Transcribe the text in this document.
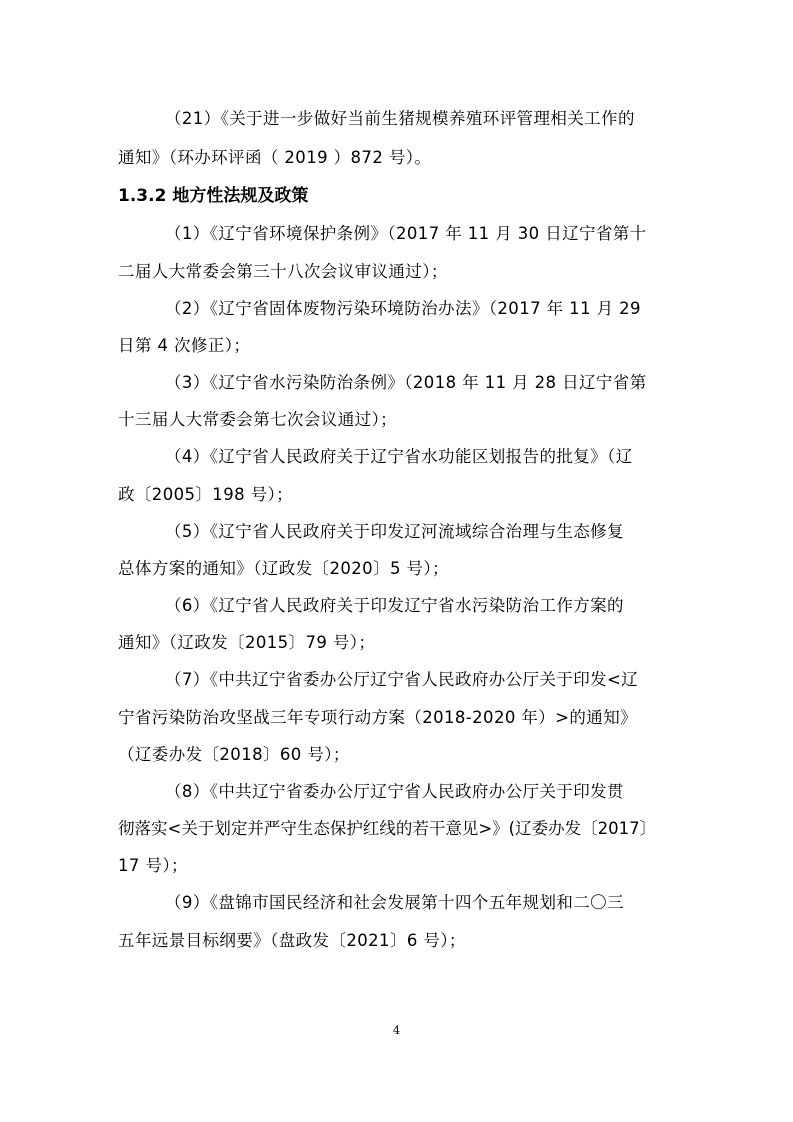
（21）《关于进一步做好当前生猪规模养殖环评管理相关工作的
通知》（环办环评函（ 2019 ）872 号）。
1.3.2 地方性法规及政策
（1）《辽宁省环境保护条例》（2017 年 11 月 30 日辽宁省第十
二届人大常委会第三十八次会议审议通过）；
（2）《辽宁省固体废物污染环境防治办法》（2017 年 11 月 29
日第 4 次修正）；
（3）《辽宁省水污染防治条例》（2018 年 11 月 28 日辽宁省第
十三届人大常委会第七次会议通过）；
（4）《辽宁省人民政府关于辽宁省水功能区划报告的批复》（辽
政〔2005〕198 号）；
（5）《辽宁省人民政府关于印发辽河流域综合治理与生态修复
总体方案的通知》（辽政发〔2020〕5 号）；
（6）《辽宁省人民政府关于印发辽宁省水污染防治工作方案的
通知》（辽政发〔2015〕79 号）；
（7）《中共辽宁省委办公厅辽宁省人民政府办公厅关于印发<辽
宁省污染防治攻坚战三年专项行动方案（2018-2020 年）>的通知》
（辽委办发〔2018〕60 号）；
（8）《中共辽宁省委办公厅辽宁省人民政府办公厅关于印发贯
彻落实<关于划定并严守生态保护红线的若干意见>》(辽委办发〔2017〕
17 号）；
（9）《盘锦市国民经济和社会发展第十四个五年规划和二〇三
五年远景目标纲要》（盘政发〔2021〕6 号）；
4
